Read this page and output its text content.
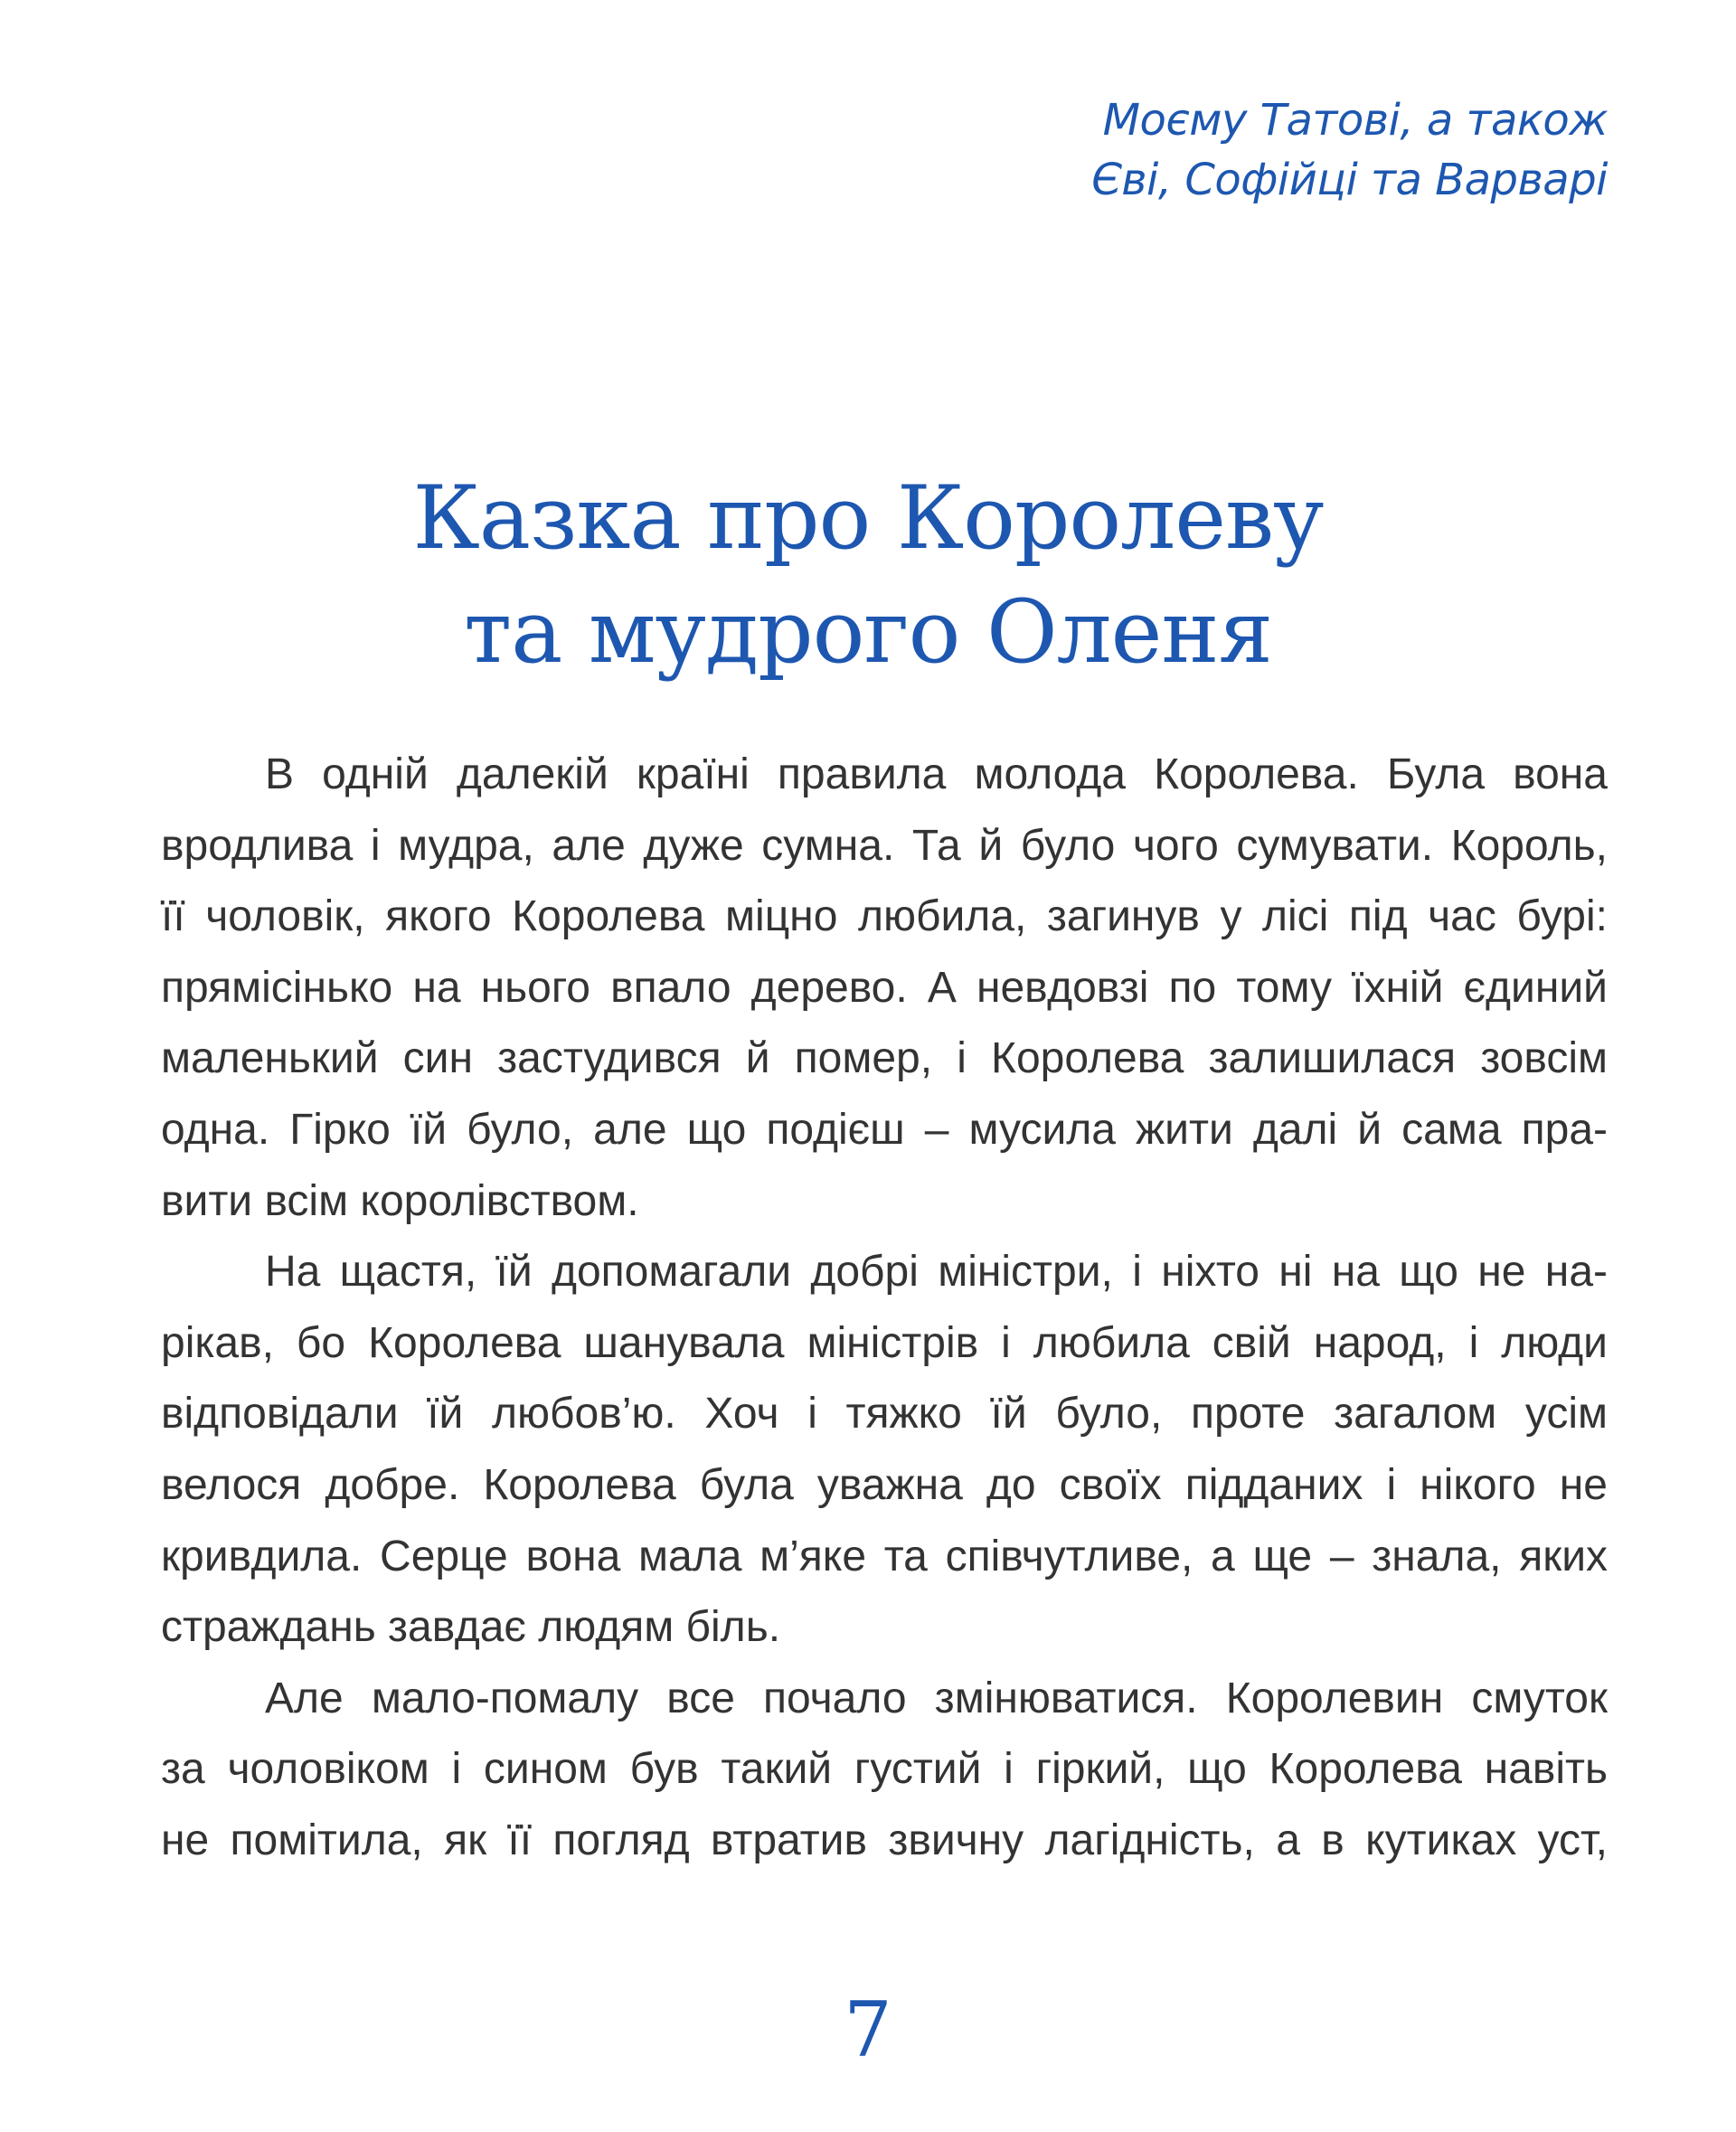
Моєму Татові, а також
Єві, Софійці та Варварі
Казка про Королеву
та мудрого Оленя
В одній далекій країні правила молода Королева. Була вона
вродлива і мудра, але дуже сумна. Та й було чого сумувати. Король,
її чоловік, якого Королева міцно любила, загинув у лісі під час бурі:
прямісінько на нього впало дерево. А невдовзі по тому їхній єдиний
маленький син застудився й помер, і Королева залишилася зовсім
одна. Гірко їй було, але що подієш – мусила жити далі й сама пра-
вити всім королівством.
На щастя, їй допомагали добрі міністри, і ніхто ні на що не на-
рікав, бо Королева шанувала міністрів і любила свій народ, і люди
відповідали їй любов’ю. Хоч і тяжко їй було, проте загалом усім
велося добре. Королева була уважна до своїх підданих і нікого не
кривдила. Серце вона мала м’яке та співчутливе, а ще – знала, яких
страждань завдає людям біль.
Але мало-помалу все почало змінюватися. Королевин смуток
за чоловіком і сином був такий густий і гіркий, що Королева навіть
не помітила, як її погляд втратив звичну лагідність, а в кутиках уст,
7
